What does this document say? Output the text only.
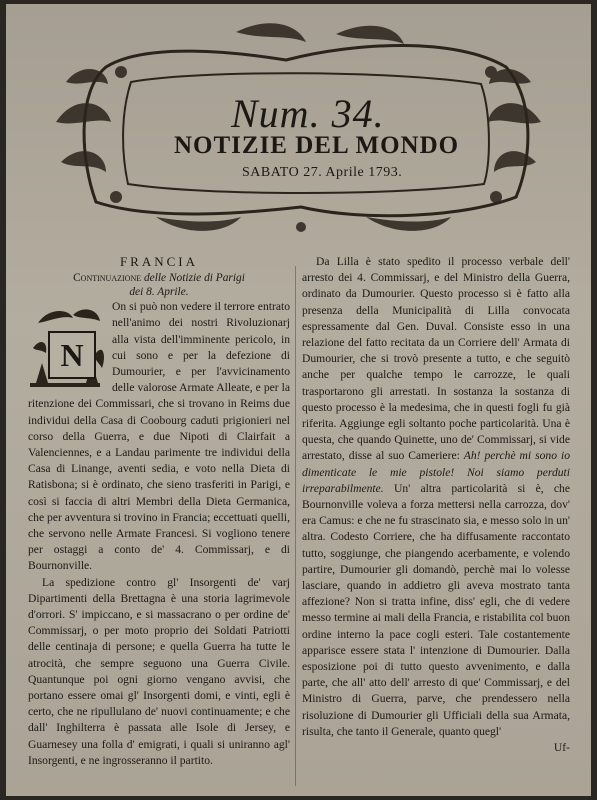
Num. 34.
NOTIZIE DEL MONDO
SABATO 27. Aprile 1793.
FRANCIA
Continuazione delle Notizie di Parigi
dei 8. Aprile.
N

On si può non vedere il terrore entrato nell'animo dei nostri Rivoluzionarj alla vista dell'imminente pericolo, in cui sono e per la defezione di Dumourier, e per l'avvicinamento delle valorose Armate Alleate, e per la ritenzione dei Commissari, che si trovano in Reims due individui della Casa di Coobourg caduti prigionieri nel corso della Guerra, e due Nipoti di Clairfait a Valenciennes, e a Landau parimente tre individui della Casa di Linange, aventi sedia, e voto nella Dieta di Ratisbona; si è ordinato, che sieno trasferiti in Parigi, e così si faccia di altri Membri della Dieta Germanica, che per avventura si trovino in Francia; eccettuati quelli, che servono nelle Armate Francesi. Si vogliono tenere per ostaggi a conto de' 4. Commissarj, e di Bournonville.

La spedizione contro gl' Insorgenti de' varj Dipartimenti della Brettagna è una storia lagrimevole d'orrori. S' impiccano, e si massacrano o per ordine de' Commissarj, o per moto proprio dei Soldati Patriotti delle centinaja di persone; e quella Guerra ha tutte le atrocità, che sempre seguono una Guerra Civile. Quantunque poi ogni giorno vengano avvisi, che portano essere omai gl' Insorgenti domi, e vinti, egli è certo, che ne ripullulano de' nuovi continuamente; e che dall' Inghilterra è passata alle Isole di Jersey, e Guarnesey una folla d' emigrati, i quali si uniranno agl' Insorgenti, e ne ingrosseranno il partito.

Da Lilla è stato spedito il processo verbale dell' arresto dei 4. Commissarj, e del Ministro della Guerra, ordinato da Dumourier. Questo processo si è fatto alla presenza della Municipalità di Lilla convocata espressamente dal Gen. Duval. Consiste esso in una relazione del fatto recitata da un Corriere dell' Armata di Dumourier, che si trovò presente a tutto, e che seguitò anche per qualche tempo le carrozze, le quali trasportarono gli arrestati. In sostanza la sostanza di questo processo è la medesima, che in questi fogli fu già riferita. Aggiunge egli soltanto poche particolarità. Una è questa, che quando Quinette, uno de' Commissarj, si vide arrestato, disse al suo Cameriere: Ah! perchè mi sono io dimenticate le mie pistole! Noi siamo perduti irreparabilmente. Un' altra particolarità si è, che Bournonville voleva a forza mettersi nella carrozza, dov' era Camus: e che ne fu strascinato sia, e messo solo in un' altra. Codesto Corriere, che ha diffusamente raccontato tutto, soggiunge, che piangendo acerbamente, e volendo partire, Dumourier gli domandò, perchè mai lo volesse lasciare, quando in addietro gli aveva mostrato tanta affezione? Non si tratta infine, diss' egli, che di vedere messo termine ai mali della Francia, e ristabilita col buon ordine interno la pace cogli esteri. Tale costantemente apparisce essere stata l' intenzione di Dumourier. Dalla esposizione poi di tutto questo avvenimento, e dalla parte, che all' atto dell' arresto di que' Commissarj, e del Ministro di Guerra, parve, che prendessero nella risoluzione di Dumourier gli Ufficiali della sua Armata, risulta, che tanto il Generale, quanto quegl'

Uf-
